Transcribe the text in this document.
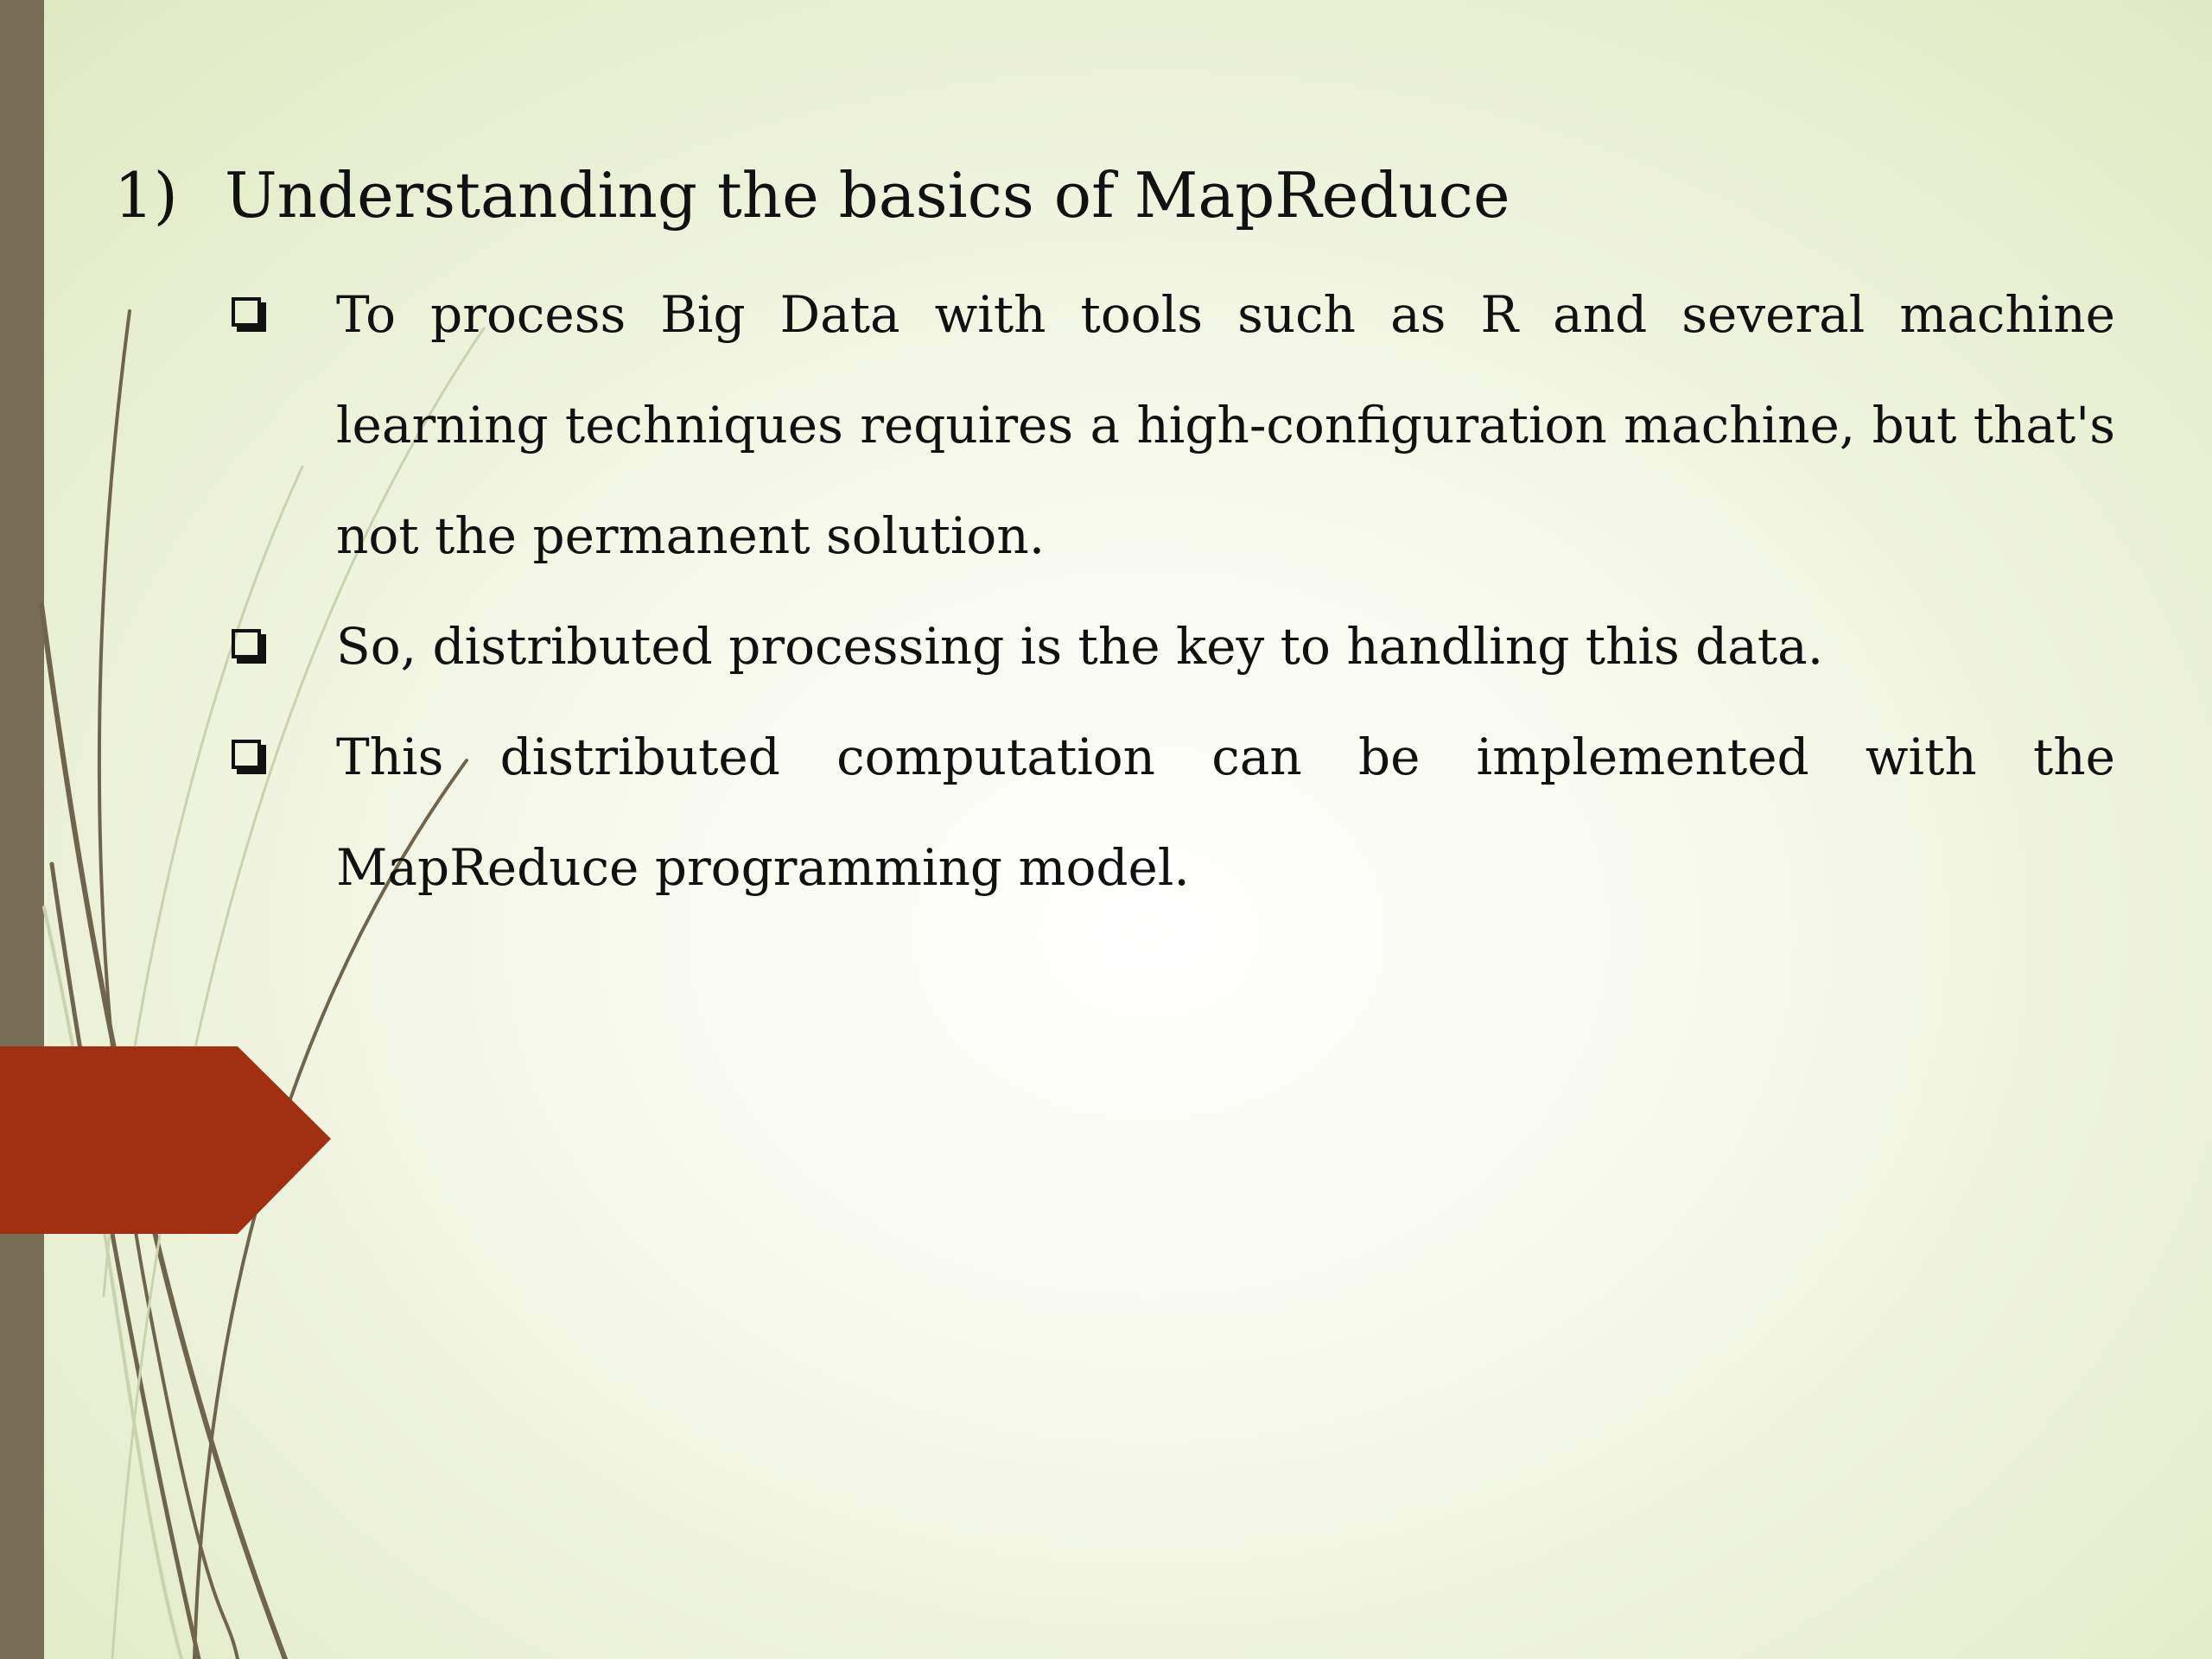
1) Understanding the basics of MapReduce
To process Big Data with tools such as R and several machine learning techniques requires a high-configuration machine, but that's not the permanent solution.
So, distributed processing is the key to handling this data.
This distributed computation can be implemented with the MapReduce programming model.
